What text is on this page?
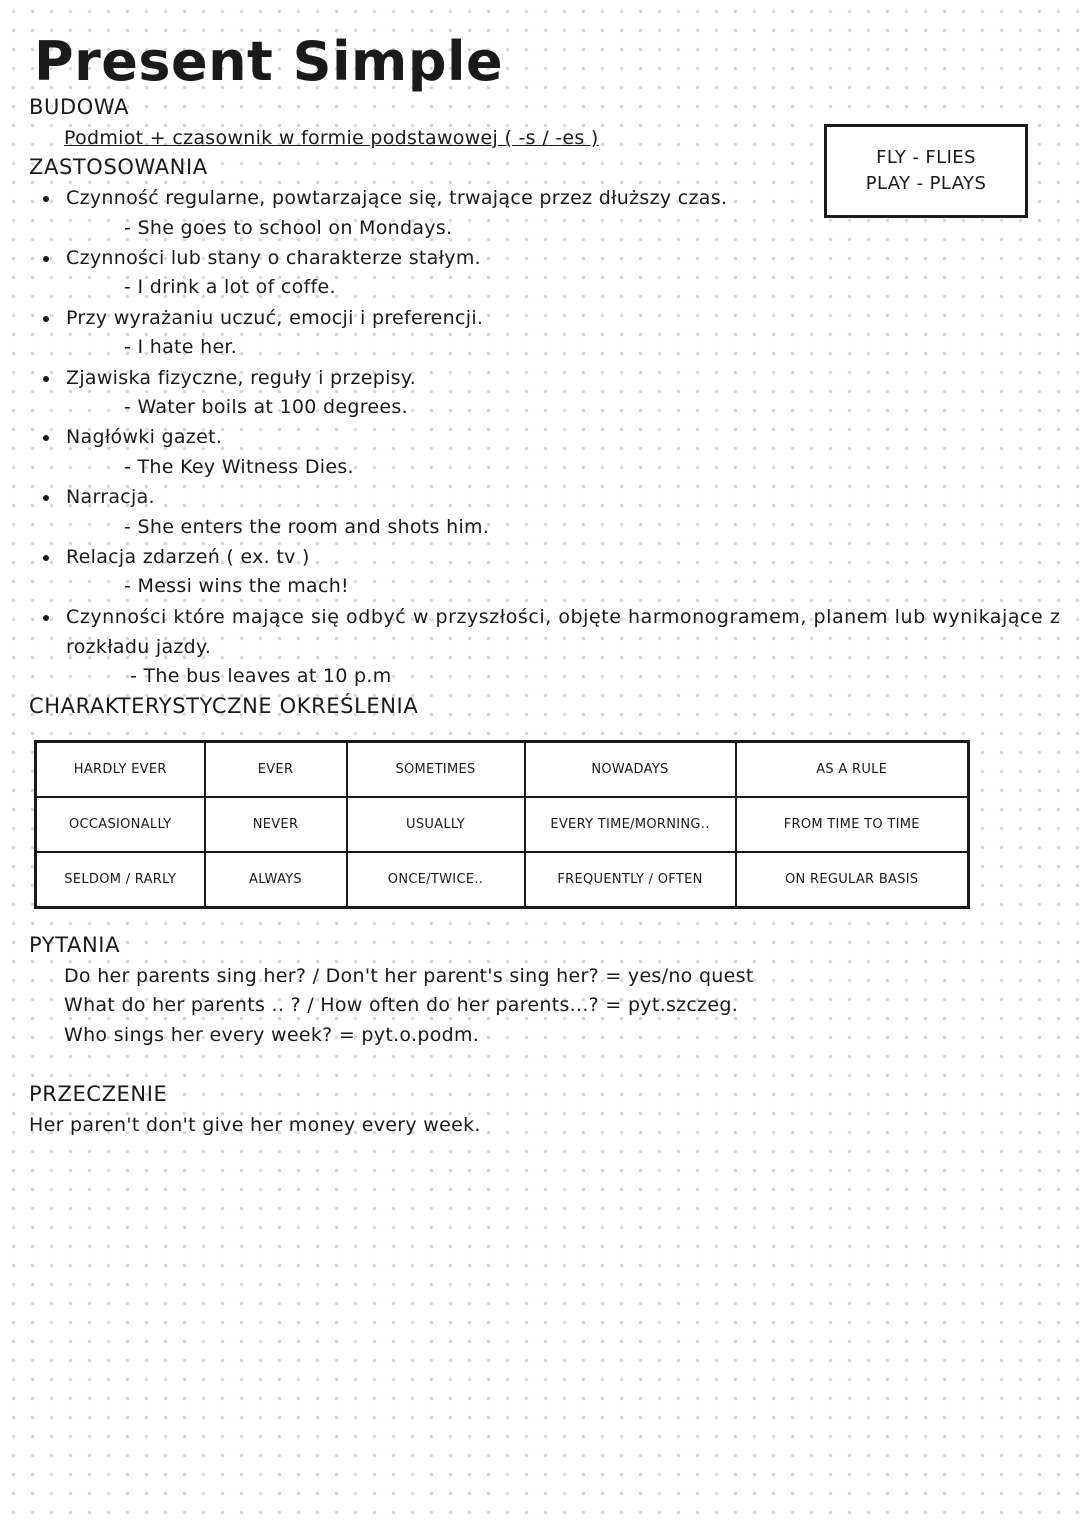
Present Simple
BUDOWA
Podmiot + czasownik w formie podstawowej ( -s / -es )
FLY - FLIES
PLAY - PLAYS
ZASTOSOWANIA
Czynność regularne, powtarzające się, trwające przez dłuższy czas.
- She goes to school on Mondays.
Czynności lub stany o charakterze stałym.
- I drink a lot of coffe.
Przy wyrażaniu uczuć, emocji i preferencji.
- I hate her.
Zjawiska fizyczne, reguły i przepisy.
- Water boils at 100 degrees.
Nagłówki gazet.
- The Key Witness Dies.
Narracja.
- She enters the room and shots him.
Relacja zdarzeń ( ex. tv )
- Messi wins the mach!
Czynności które mające się odbyć w przyszłości, objęte harmonogramem, planem lub wynikające z
rozkładu jazdy.
- The bus leaves at 10 p.m
CHARAKTERYSTYCZNE OKREŚLENIA
HARDLY EVER	EVER	SOMETIMES	NOWADAYS	AS A RULE
OCCASIONALLY	NEVER	USUALLY	EVERY TIME/MORNING..	FROM TIME TO TIME
SELDOM / RARLY	ALWAYS	ONCE/TWICE..	FREQUENTLY / OFTEN	ON REGULAR BASIS
PYTANIA
Do her parents sing her? / Don't her parent's sing her? = yes/no quest
What do her parents .. ? / How often do her parents...? = pyt.szczeg.
Who sings her every week? = pyt.o.podm.
PRZECZENIE
Her paren't don't give her money every week.
